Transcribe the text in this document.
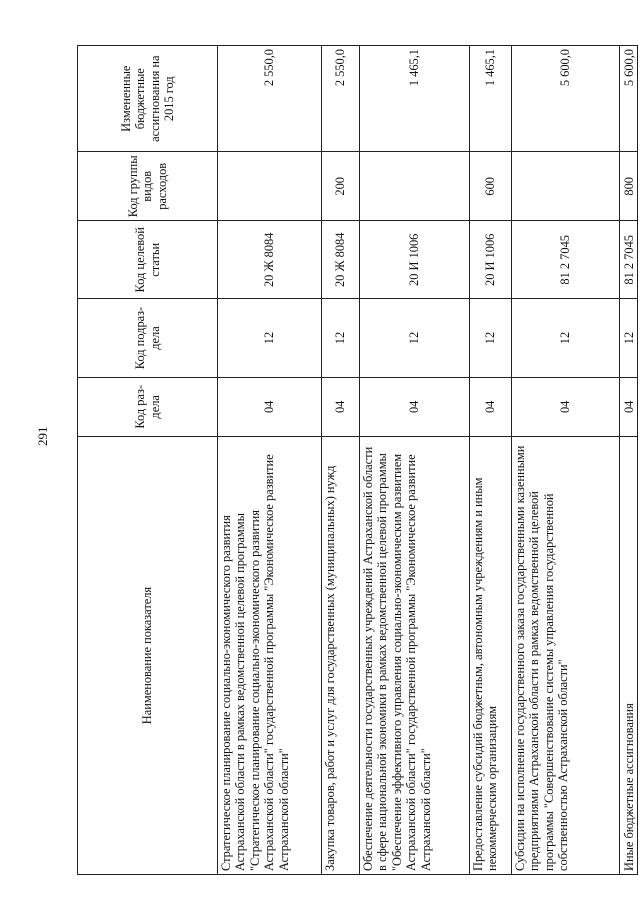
291
Наименование показателя	Код раз-дела	Код подраз-дела	Код целевой статьи	Код группы видов расходов	Измененные бюджетные ассигнования на 2015 год
Стратегическое планирование социально-экономического развития Астраханской области в рамках ведомственной целевой программы "Стратегическое планирование социально-экономического развития Астраханской области" государственной программы "Экономическое развитие Астраханской области"	04	12	20 Ж 8084		2 550,0
Закупка товаров, работ и услуг для государственных (муниципальных) нужд	04	12	20 Ж 8084	200	2 550,0
Обеспечение деятельности государственных учреждений Астраханской области в сфере национальной экономики в рамках ведомственной целевой программы "Обеспечение эффективного управления социально-экономическим развитием Астраханской области" государственной программы "Экономическое развитие Астраханской области"	04	12	20 И 1006		1 465,1
Предоставление субсидий бюджетным, автономным учреждениям и иным некоммерческим организациям	04	12	20 И 1006	600	1 465,1
Субсидии на исполнение государственного заказа государственными казенными предприятиями Астраханской области в рамках ведомственной целевой программы "Совершенствование системы управления государственной собственностью Астраханской области"	04	12	81 2 7045		5 600,0
Иные бюджетные ассигнования	04	12	81 2 7045	800	5 600,0
